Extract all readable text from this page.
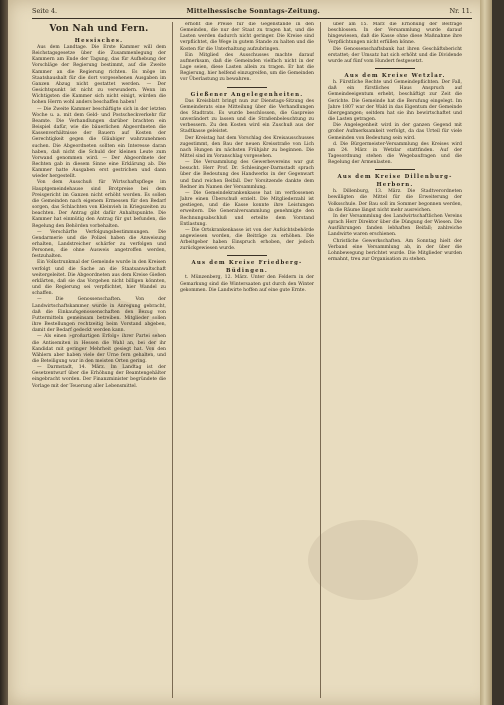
Seite 4.	Mittelhessische Sonntags-Zeitung.	Nr. 11.
Von Nah und Fern.
Hessisches.

Aus dem Landtage. Die Erste Kammer will dem Reichstagsgesetze über die Zusammenlegung der Kammern am Ende der Tagung, das für Aufhebung der Vorschläge der Regierung bestimmt, auf die Zweite Kammer an die Regierung richten. Es möge im Staatshaushalt für die dort vorgesehenen Ausgaben im Ganzen Abzug nicht gestattet werden. — Der Gesichtspunkt ist nicht zu verwundern. Wenn im Wichtigsten die Kammer sich nicht einigt, würden die hohen Herrn wohl anders beschaffen haben!

— Die Zweite Kammer beschäftigte sich in der letzten Woche u. a. mit dem Geld- und Postscheckverkehr für Beamte. Die Verhandlungen darüber brachten ein Beispiel dafür, wie die bäuerlichen Abgeordneten die Kassenverhältnisse der Bauern auf Kosten der Gerechtigkeit gegen die Gläubiger wahrzunehmen suchen. Die Abgeordneten sollten ein Interesse daran haben, daß nicht die Schuld der kleinen Leute zum Vorwand genommen wird. — Der Abgeordnete der Rechten gab in diesem Sinne eine Erklärung ab. Die Kammer hatte Ausgaben erst gestrichen und dann wieder hergestellt.

Von dem Ausschuß für Wirtschaftspflege im Hauptgemeindehause sind Brotpreise bei dem Preisgericht im Ganzen nicht erhöht worden. Es sollen die Gemeinden nach eigenem Ermessen für den Bedarf sorgen, das Schlachten von Kleinvieh in Kriegszeiten zu beachten. Der Antrag gibt dafür Anhaltspunkte. Die Kammer hat einmütig den Antrag für gut befunden, die Regelung den Behörden vorbehalten.

— Verschärfte Verfolgungsbestimmungen. Die Gendarmerie und die Polizei haben die Anweisung erhalten, Landstreicher schärfer zu verfolgen und Personen, die ohne Ausweis angetroffen werden, festzuhalten.

Ein Volkstrunkmal der Gemeinde wurde in den Kreisen verfolgt und die Sache an die Staatsanwaltschaft weitergeleitet. Die Abgeordneten aus dem Kreise Gießen erklärten, daß sie das Vorgehen nicht billigen könnten, und die Regierung sei verpflichtet, hier Wandel zu schaffen.

— Die Genossenschaften. Von der Landwirtschaftskammer wurde in Anregung gebracht, daß die Einkaufsgenossenschaften den Bezug von Futtermitteln gemeinsam betreiben. Mitglieder sollen ihre Bestellungen rechtzeitig beim Vorstand abgeben, damit der Bedarf gedeckt werden kann.

— Als einen »großartigen Erfolg« ihrer Partei sehen die Antisemiten in Hessen die Wahl an, bei der ihr Kandidat mit geringer Mehrheit gesiegt hat. Von den Wählern aber haben viele der Urne fern gehalten, und die Beteiligung war in den meisten Orten gering.

— Darmstadt, 14. März. Im Landtag ist der Gesetzentwurf über die Erhöhung der Beamtengehälter eingebracht worden. Der Finanzminister begründete die Vorlage mit der Teuerung aller Lebensmittel.

erhöht die Preise für die Gegenstände in den Gemeinden, die nur der Staat zu tragen hat, und die Lasten werden dadurch nicht geringer. Die Kreise sind verpflichtet, die Wege in gutem Stande zu halten und die Kosten für die Unterhaltung aufzubringen.

Ein Mitglied des Ausschusses machte darauf aufmerksam, daß die Gemeinden vielfach nicht in der Lage seien, diese Lasten allein zu tragen. Er bat die Regierung, hier helfend einzugreifen, um die Gemeinden vor Überlastung zu bewahren.

Gießener Angelegenheiten.

Das Kreisblatt bringt nun zur Dienstags-Sitzung des Gemeinderats eine Mitteilung über die Verhandlungen des Stadtrats. Es wurde beschlossen, die Gaspreise unverändert zu lassen und die Straßenbeleuchtung zu verbessern. Zu den Kosten wird ein Zuschuß aus der Stadtkasse geleistet.

Der Kreistag hat dem Vorschlag des Kreisausschusses zugestimmt, den Bau der neuen Kreisstraße von Lich nach Hungen im nächsten Frühjahr zu beginnen. Die Mittel sind im Voranschlag vorgesehen.

— Die Versammlung des Gewerbevereins war gut besucht. Herr Prof. Dr. Schlesinger-Darmstadt sprach über die Bedeutung des Handwerks in der Gegenwart und fand reichen Beifall. Der Vorsitzende dankte dem Redner im Namen der Versammlung.

— Die Gemeindekrankenkasse hat im verflossenen Jahre einen Überschuß erzielt. Die Mitgliederzahl ist gestiegen, und die Kasse konnte ihre Leistungen erweitern. Die Generalversammlung genehmigte den Rechnungsabschluß und erteilte dem Vorstand Entlastung.

— Die Ortskrankenkasse ist von der Aufsichtsbehörde angewiesen worden, die Beiträge zu erhöhen. Die Arbeitgeber haben Einspruch erhoben, der jedoch zurückgewiesen wurde.

Aus dem Kreise Friedberg-Büdingen.

t. Münzenberg, 12. März. Unter den Feldern in der Gemarkung sind die Wintersaaten gut durch den Winter gekommen. Die Landwirte hoffen auf eine gute Ernte.

über am 15. März die Erhöhung der Beiträge beschlossen. In der Versammlung wurde darauf hingewiesen, daß die Kasse ohne diese Maßnahme ihre Verpflichtungen nicht erfüllen könne.

Die Genossenschaftsbank hat ihren Geschäftsbericht erstattet; der Umsatz hat sich erhöht und die Dividende wurde auf fünf vom Hundert festgesetzt.

Aus dem Kreise Wetzlar.

h. Fürstliche Rechte und Gemeindepflichten. Der Fall, daß ein fürstliches Haus Anspruch auf Gemeindeeigentum erhebt, beschäftigt zur Zeit die Gerichte. Die Gemeinde hat die Berufung eingelegt. Im Jahre 1807 war der Wald in das Eigentum der Gemeinde übergegangen; seitdem hat sie ihn bewirtschaftet und die Lasten getragen.

Die Angelegenheit wird in der ganzen Gegend mit großer Aufmerksamkeit verfolgt, da das Urteil für viele Gemeinden von Bedeutung sein wird.

d. Die Bürgermeister-Versammlung des Kreises wird am 24. März in Wetzlar stattfinden. Auf der Tagesordnung stehen die Wegebaufragen und die Regelung der Armenlasten.

Aus dem Kreise Dillenburg-Herborn.

h. Dillenburg, 13. März. Die Stadtverordneten bewilligten die Mittel für die Erweiterung der Volksschule. Der Bau soll im Sommer begonnen werden, da die Räume längst nicht mehr ausreichen.

In der Versammlung des Landwirtschaftlichen Vereins sprach Herr Direktor über die Düngung der Wiesen. Die Ausführungen fanden lebhaften Beifall; zahlreiche Landwirte waren erschienen.

Christliche Gewerkschaften. Am Sonntag hielt der Verband eine Versammlung ab, in der über die Lohnbewegung berichtet wurde. Die Mitglieder wurden ermahnt, treu zur Organisation zu stehen.
